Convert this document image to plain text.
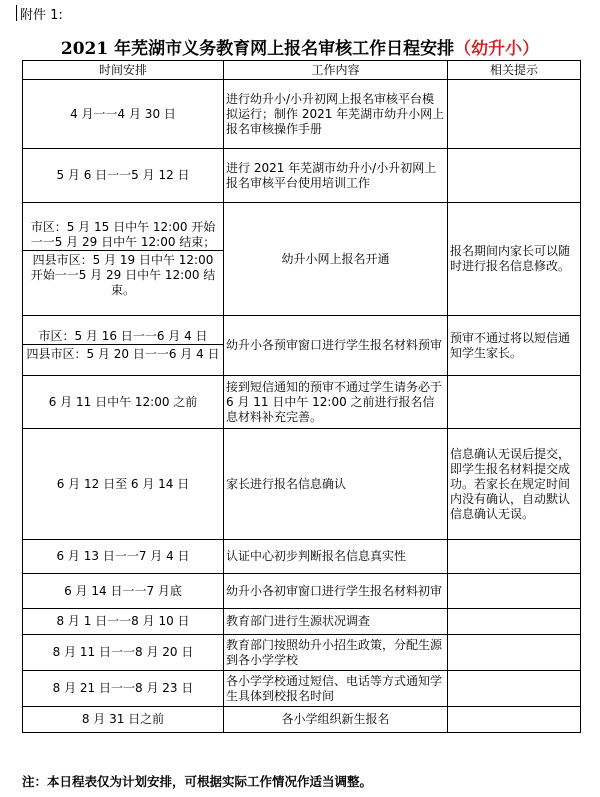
附件 1:
2021 年芜湖市义务教育网上报名审核工作日程安排（幼升小）
时间安排	工作内容	相关提示
4 月一一4 月 30 日	进行幼升小/小升初网上报名审核平台模拟运行；制作 2021 年芜湖市幼升小网上报名审核操作手册	
5 月 6 日一一5 月 12 日	进行 2021 年芜湖市幼升小/小升初网上报名审核平台使用培训工作	

市区：5 月 15 日中午 12:00 开始一一5 月 29 日中午 12:00 结束；
四县市区：5 月 19 日中午 12:00 开始一一5 月 29 日中午 12:00 结束。	幼升小网上报名开通	报名期间内家长可以随时进行报名信息修改。

市区：5 月 16 日一一6 月 4 日
四县市区：5 月 20 日一一6 月 4 日	幼升小各预审窗口进行学生报名材料预审	预审不通过将以短信通知学生家长。
6 月 11 日中午 12:00 之前	接到短信通知的预审不通过学生请务必于 6 月 11 日中午 12:00 之前进行报名信息材料补充完善。	
6 月 12 日至 6 月 14 日	家长进行报名信息确认	信息确认无误后提交，即学生报名材料提交成功。若家长在规定时间内没有确认，自动默认信息确认无误。
6 月 13 日一一7 月 4 日	认证中心初步判断报名信息真实性	
6 月 14 日一一7 月底	幼升小各初审窗口进行学生报名材料初审	
8 月 1 日一一8 月 10 日	教育部门进行生源状况调查	
8 月 11 日一一8 月 20 日	教育部门按照幼升小招生政策，分配生源到各小学学校	
8 月 21 日一一8 月 23 日	各小学学校通过短信、电话等方式通知学生具体到校报名时间	
8 月 31 日之前	各小学组织新生报名	
注：本日程表仅为计划安排，可根据实际工作情况作适当调整。
